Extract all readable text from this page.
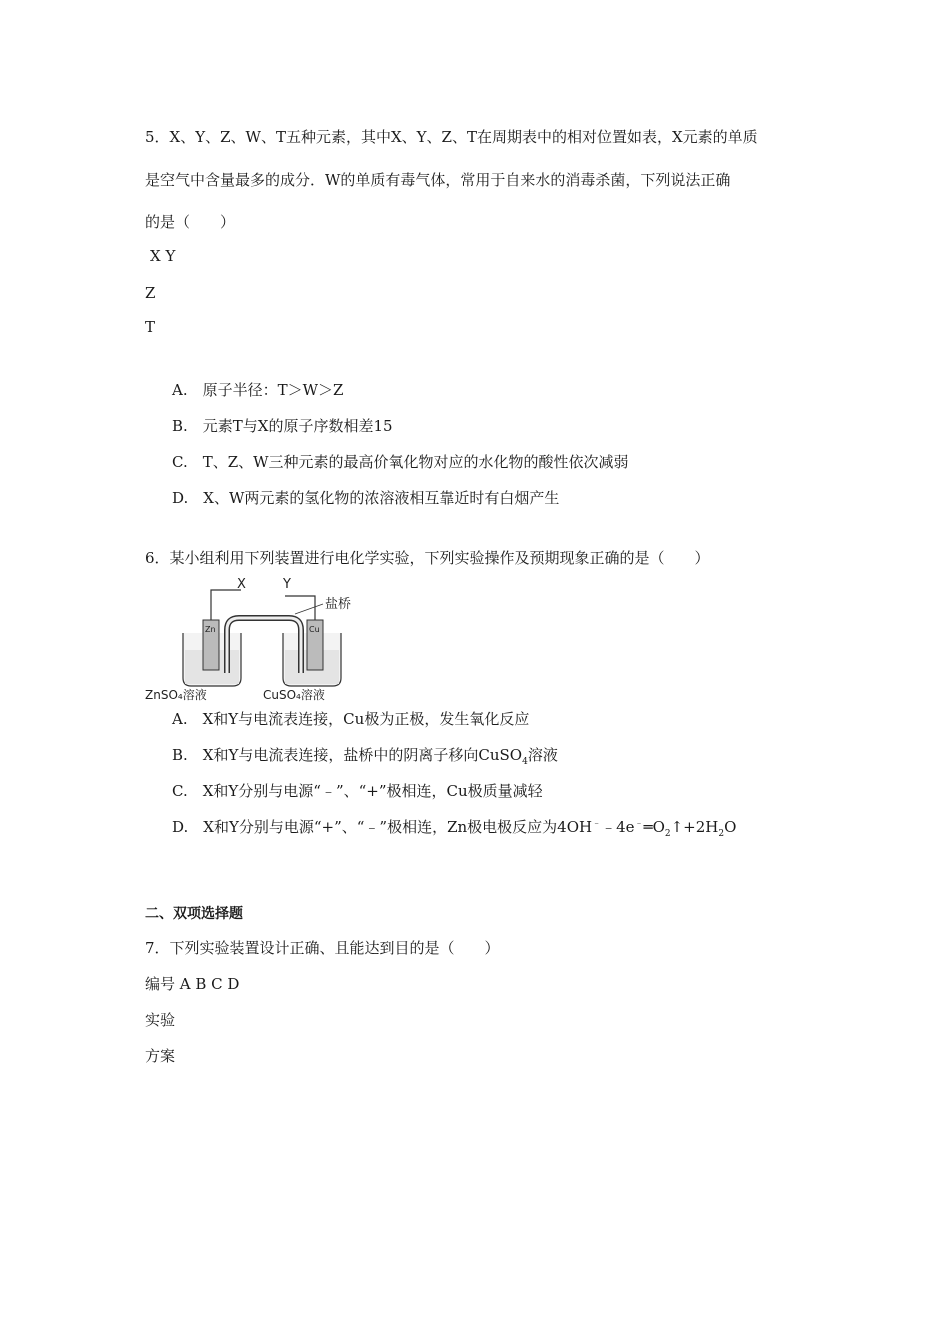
5．X、Y、Z、W、T五种元素，其中X、Y、Z、T在周期表中的相对位置如表，X元素的单质
是空气中含量最多的成分．W的单质有毒气体，常用于自来水的消毒杀菌，下列说法正确
的是（　　）
X Y
Z
T
A.　原子半径：T＞W＞Z
B.　元素T与X的原子序数相差15
C.　T、Z、W三种元素的最高价氧化物对应的水化物的酸性依次减弱
D.　X、W两元素的氢化物的浓溶液相互靠近时有白烟产生
6．某小组利用下列装置进行电化学实验，下列实验操作及预期现象正确的是（　　）
X	Y
盐桥
Zn	Cu
ZnSO₄溶液	CuSO₄溶液
A.　X和Y与电流表连接，Cu极为正极，发生氧化反应
B.　X和Y与电流表连接，盐桥中的阴离子移向CuSO$_4$溶液
C.　X和Y分别与电源“﹣”、“+”极相连，Cu极质量减轻
D.　X和Y分别与电源“+”、“﹣”极相连，Zn极电极反应为$4OH^﹣﹣4e^﹣═O_2↑+2H_2O$
二、双项选择题
7．下列实验装置设计正确、且能达到目的是（　　）
编号 A B C D
实验
方案
